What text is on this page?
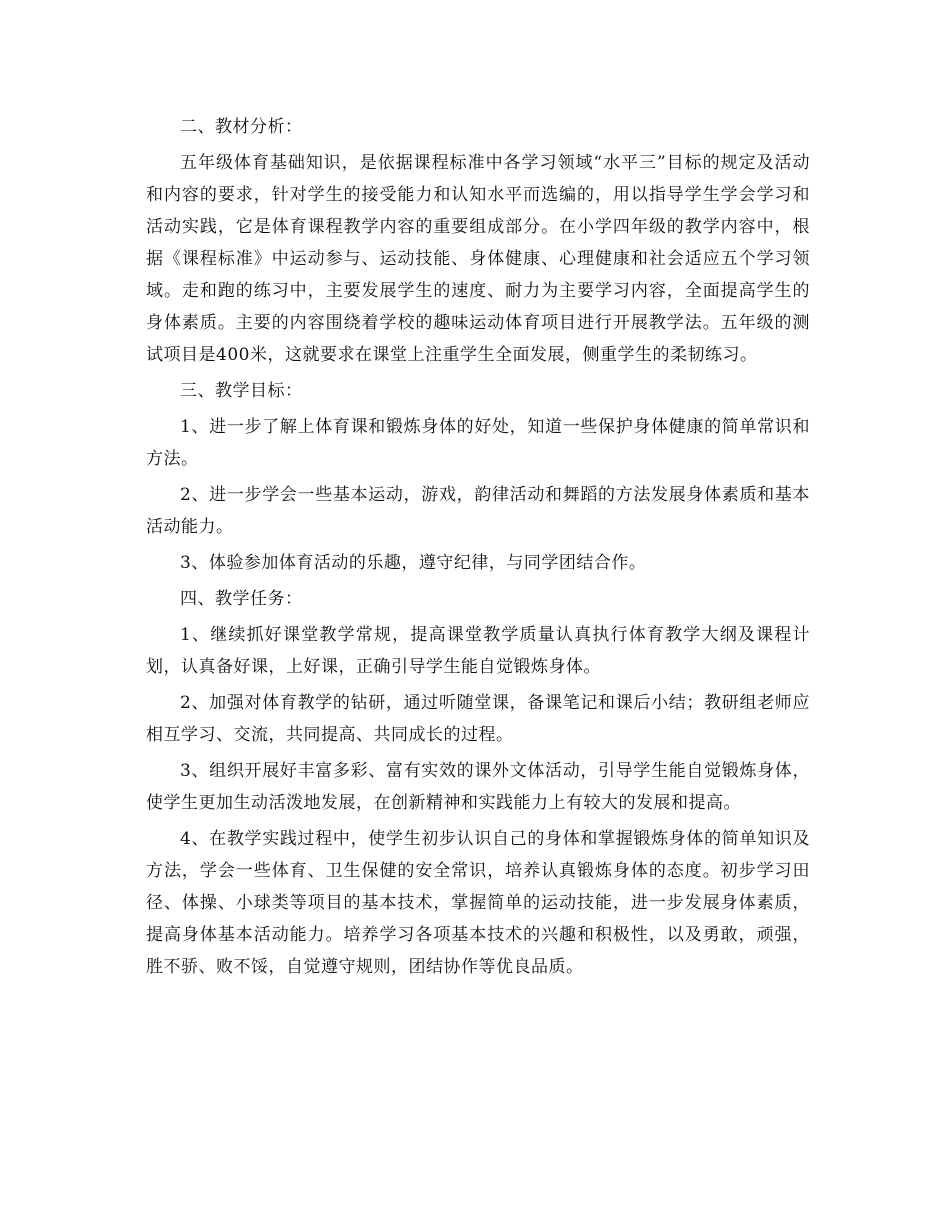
二、教材分析：

五年级体育基础知识，是依据课程标准中各学习领域“水平三”目标的规定及活动和内容的要求，针对学生的接受能力和认知水平而选编的，用以指导学生学会学习和活动实践，它是体育课程教学内容的重要组成部分。在小学四年级的教学内容中，根据《课程标准》中运动参与、运动技能、身体健康、心理健康和社会适应五个学习领域。走和跑的练习中，主要发展学生的速度、耐力为主要学习内容，全面提高学生的身体素质。主要的内容围绕着学校的趣味运动体育项目进行开展教学法。五年级的测试项目是400米，这就要求在课堂上注重学生全面发展，侧重学生的柔韧练习。

三、教学目标：

1、进一步了解上体育课和锻炼身体的好处，知道一些保护身体健康的简单常识和方法。

2、进一步学会一些基本运动，游戏，韵律活动和舞蹈的方法发展身体素质和基本活动能力。

3、体验参加体育活动的乐趣，遵守纪律，与同学团结合作。

四、教学任务：

1、继续抓好课堂教学常规，提高课堂教学质量认真执行体育教学大纲及课程计划，认真备好课，上好课，正确引导学生能自觉锻炼身体。

2、加强对体育教学的钻研，通过听随堂课，备课笔记和课后小结；教研组老师应相互学习、交流，共同提高、共同成长的过程。

3、组织开展好丰富多彩、富有实效的课外文体活动，引导学生能自觉锻炼身体，使学生更加生动活泼地发展，在创新精神和实践能力上有较大的发展和提高。

4、在教学实践过程中，使学生初步认识自己的身体和掌握锻炼身体的简单知识及方法，学会一些体育、卫生保健的安全常识，培养认真锻炼身体的态度。初步学习田径、体操、小球类等项目的基本技术，掌握简单的运动技能，进一步发展身体素质，提高身体基本活动能力。培养学习各项基本技术的兴趣和积极性，以及勇敢，顽强，胜不骄、败不馁，自觉遵守规则，团结协作等优良品质。
